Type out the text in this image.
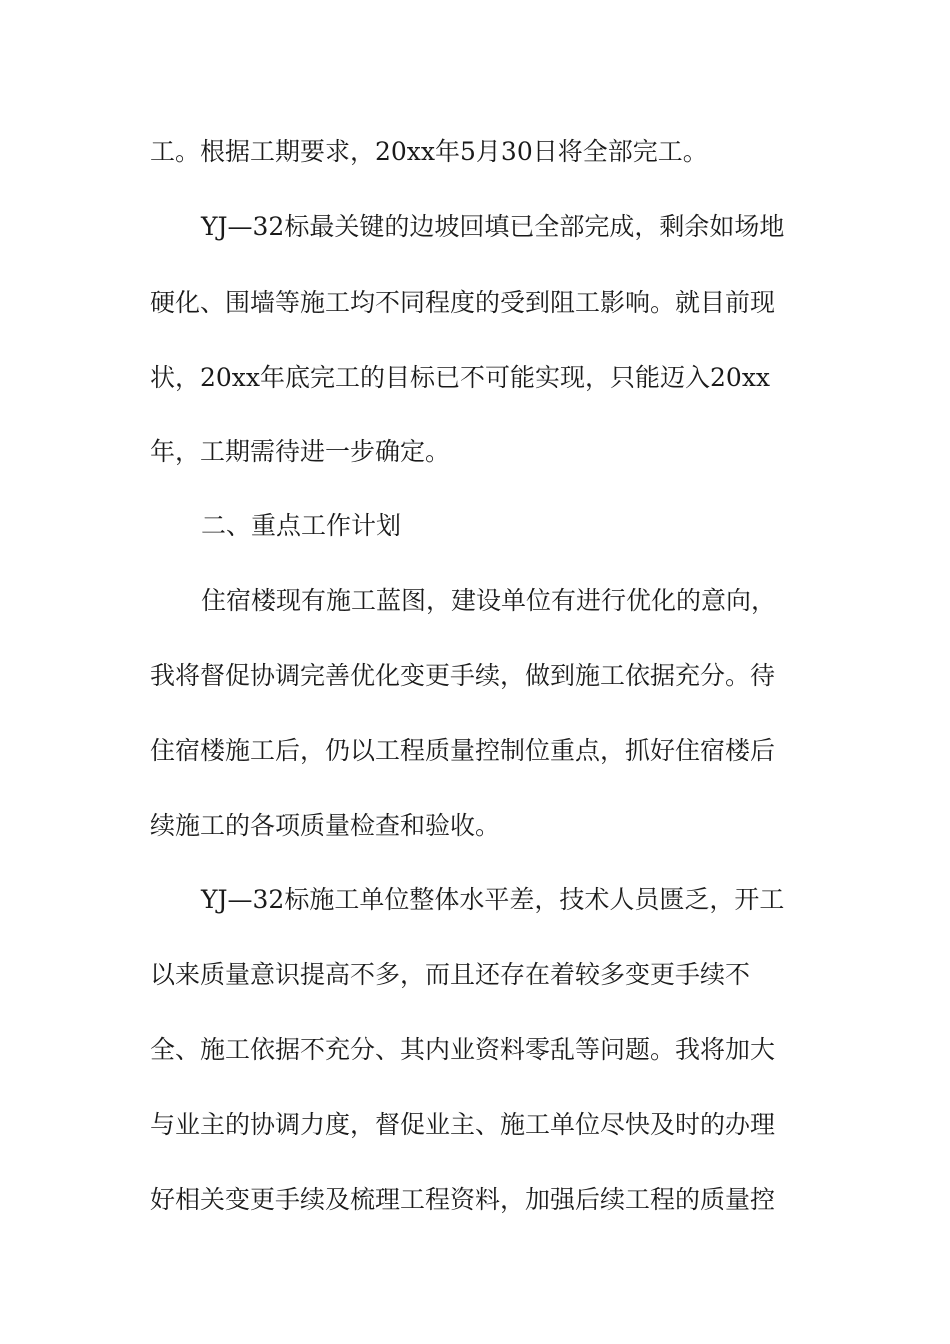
工。根据工期要求，20xx年5月30日将全部完工。
YJ—32标最关键的边坡回填已全部完成，剩余如场地
硬化、围墙等施工均不同程度的受到阻工影响。就目前现
状，20xx年底完工的目标已不可能实现，只能迈入20xx
年，工期需待进一步确定。
二、重点工作计划
住宿楼现有施工蓝图，建设单位有进行优化的意向，
我将督促协调完善优化变更手续，做到施工依据充分。待
住宿楼施工后，仍以工程质量控制位重点，抓好住宿楼后
续施工的各项质量检查和验收。
YJ—32标施工单位整体水平差，技术人员匮乏，开工
以来质量意识提高不多，而且还存在着较多变更手续不
全、施工依据不充分、其内业资料零乱等问题。我将加大
与业主的协调力度，督促业主、施工单位尽快及时的办理
好相关变更手续及梳理工程资料，加强后续工程的质量控
